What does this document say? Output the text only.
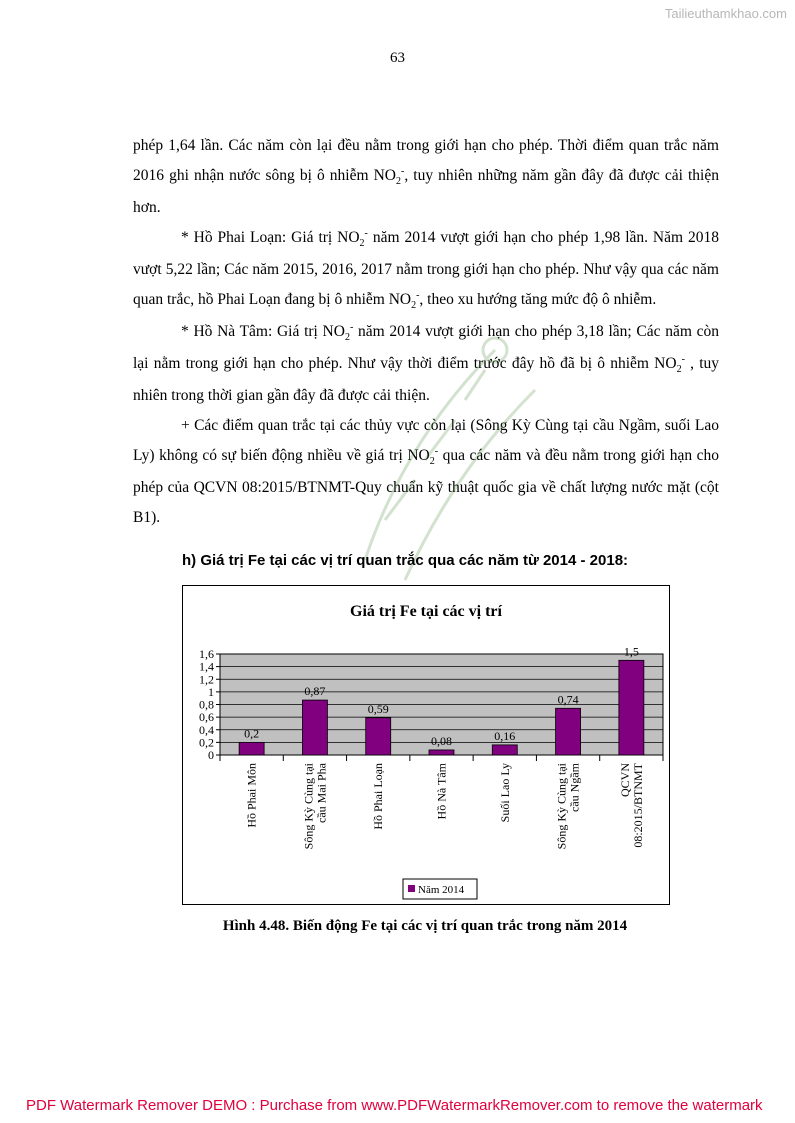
Tailieuthamkhao.com
63

phép 1,64 lần. Các năm còn lại đều nằm trong giới hạn cho phép. Thời điểm quan trắc năm 2016 ghi nhận nước sông bị ô nhiễm $NO_2^-$, tuy nhiên những năm gần đây đã được cải thiện hơn.

* Hồ Phai Loạn: Giá trị $NO_2^-$ năm 2014 vượt giới hạn cho phép 1,98 lần. Năm 2018 vượt 5,22 lần; Các năm 2015, 2016, 2017 nằm trong giới hạn cho phép. Như vậy qua các năm quan trắc, hồ Phai Loạn đang bị ô nhiễm $NO_2^-$, theo xu hướng tăng mức độ ô nhiễm.

* Hồ Nà Tâm: Giá trị $NO_2^-$ năm 2014 vượt giới hạn cho phép 3,18 lần; Các năm còn lại nằm trong giới hạn cho phép. Như vậy thời điểm trước đây hồ đã bị ô nhiễm $NO_2^-$ , tuy nhiên trong thời gian gần đây đã được cải thiện.

+ Các điểm quan trắc tại các thủy vực còn lại (Sông Kỳ Cùng tại cầu Ngầm, suối Lao Ly) không có sự biến động nhiều về giá trị $NO_2^-$ qua các năm và đều nằm trong giới hạn cho phép của QCVN 08:2015/BTNMT-Quy chuẩn kỹ thuật quốc gia về chất lượng nước mặt (cột B1).

h) Giá trị Fe tại các vị trí quan trắc qua các năm từ 2014 - 2018:
Giá trị Fe tại các vị trí
0
0,2
0,4
0,6
0,8
1
1,2
1,4
1,6
0,2
0,87
0,59
0,08	0,16
0,74
1,5
Hồ Phai Môn	Sông Kỳ Cùng tại cầu Mai Pha	Hồ Phai Loạn	Hồ Nà Tâm	Suối Lao Ly	Sông Kỳ Cùng tại cầu Ngầm	QCVN 08:2015/BTNMT
Năm 2014
Hình 4.48. Biến động Fe tại các vị trí quan trắc trong năm 2014
PDF Watermark Remover DEMO : Purchase from www.PDFWatermarkRemover.com to remove the watermark
